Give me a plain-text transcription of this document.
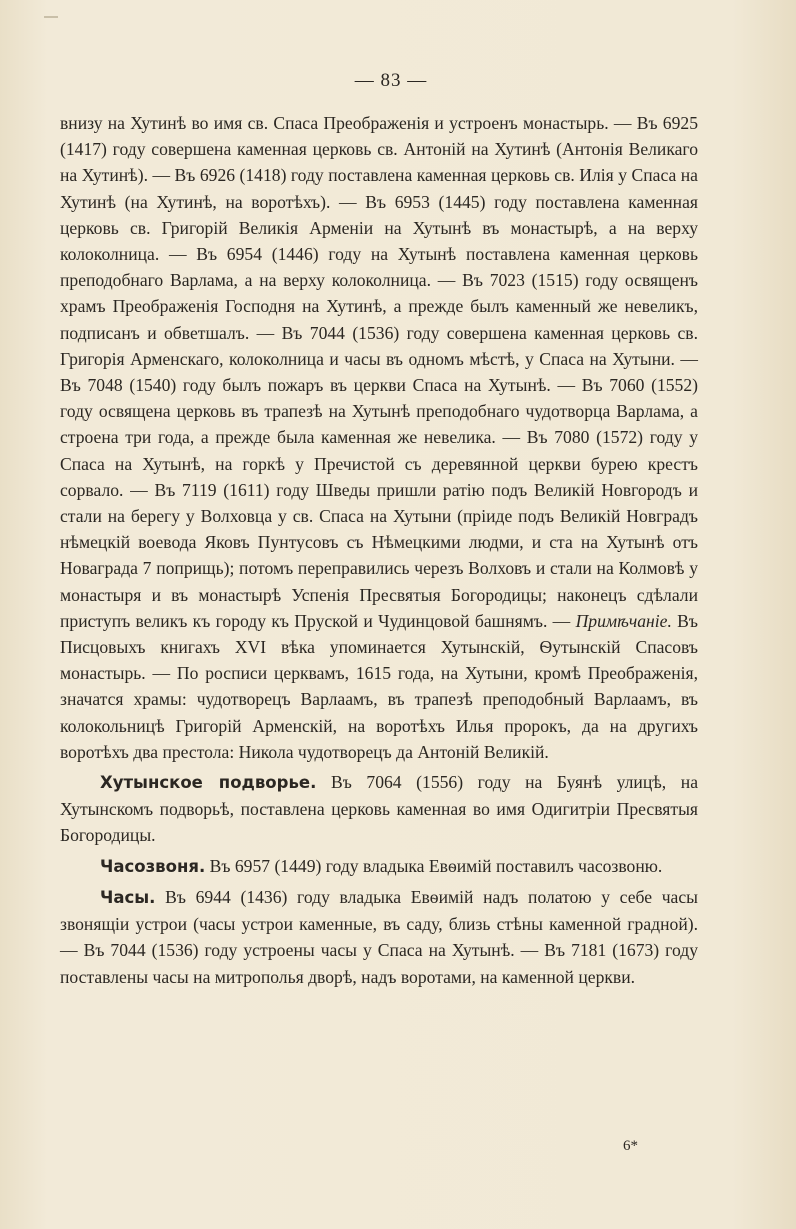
— 83 —

внизу на Хутинѣ во имя св. Спаса Преображенія и устроенъ монастырь. — Въ 6925 (1417) году совершена каменная церковь св. Антоній на Хутинѣ (Антонія Великаго на Хутинѣ). — Въ 6926 (1418) году поставлена каменная церковь св. Илія у Спаса на Хутинѣ (на Хутинѣ, на воротѣхъ). — Въ 6953 (1445) году поставлена каменная церковь св. Григорій Великія Арменіи на Хутынѣ въ монастырѣ, а на верху колоколница. — Въ 6954 (1446) году на Хутынѣ поставлена каменная церковь преподобнаго Варлама, а на верху колоколница. — Въ 7023 (1515) году освященъ храмъ Преображенія Господня на Хутинѣ, а прежде былъ каменный же невеликъ, подписанъ и обветшалъ. — Въ 7044 (1536) году совершена каменная церковь св. Григорія Арменскаго, колоколница и часы въ одномъ мѣстѣ, у Спаса на Хутыни. — Въ 7048 (1540) году былъ пожаръ въ церкви Спаса на Хутынѣ. — Въ 7060 (1552) году освящена церковь въ трапезѣ на Хутынѣ преподобнаго чудотворца Варлама, а строена три года, а прежде была каменная же невелика. — Въ 7080 (1572) году у Спаса на Хутынѣ, на горкѣ у Пречистой съ деревянной церкви бурею крестъ сорвало. — Въ 7119 (1611) году Шведы пришли ратію подъ Великій Новгородъ и стали на берегу у Волховца у св. Спаса на Хутыни (пріиде подъ Великій Новградъ нѣмецкій воевода Яковъ Пунтусовъ съ Нѣмецкими людми, и ста на Хутынѣ отъ Новаграда 7 поприщь); потомъ переправились черезъ Волховъ и стали на Колмовѣ у монастыря и въ монастырѣ Успенія Пресвятыя Богородицы; наконецъ сдѣлали приступъ великъ къ городу къ Пруской и Чудинцовой башнямъ. — Примѣчаніе. Въ Писцовыхъ книгахъ XVI вѣка упоминается Хутынскій, Ѳутынскій Спасовъ монастырь. — По росписи церквамъ, 1615 года, на Хутыни, кромѣ Преображенія, значатся храмы: чудотворецъ Варлаамъ, въ трапезѣ преподобный Варлаамъ, въ колокольницѣ Григорій Арменскій, на воротѣхъ Илья пророкъ, да на другихъ воротѣхъ два престола: Никола чудотворецъ да Антоній Великій.

Хутынское подворье. Въ 7064 (1556) году на Буянѣ улицѣ, на Хутынскомъ подворьѣ, поставлена церковь каменная во имя Одигитріи Пресвятыя Богородицы.

Часозвоня. Въ 6957 (1449) году владыка Евѳимій поставилъ часозвоню.

Часы. Въ 6944 (1436) году владыка Евѳимій надъ полатою у себе часы звонящіи устрои (часы устрои каменные, въ саду, близь стѣны каменной градной). — Въ 7044 (1536) году устроены часы у Спаса на Хутынѣ. — Въ 7181 (1673) году поставлены часы на митрополья дворѣ, надъ воротами, на каменной церкви.

6*
